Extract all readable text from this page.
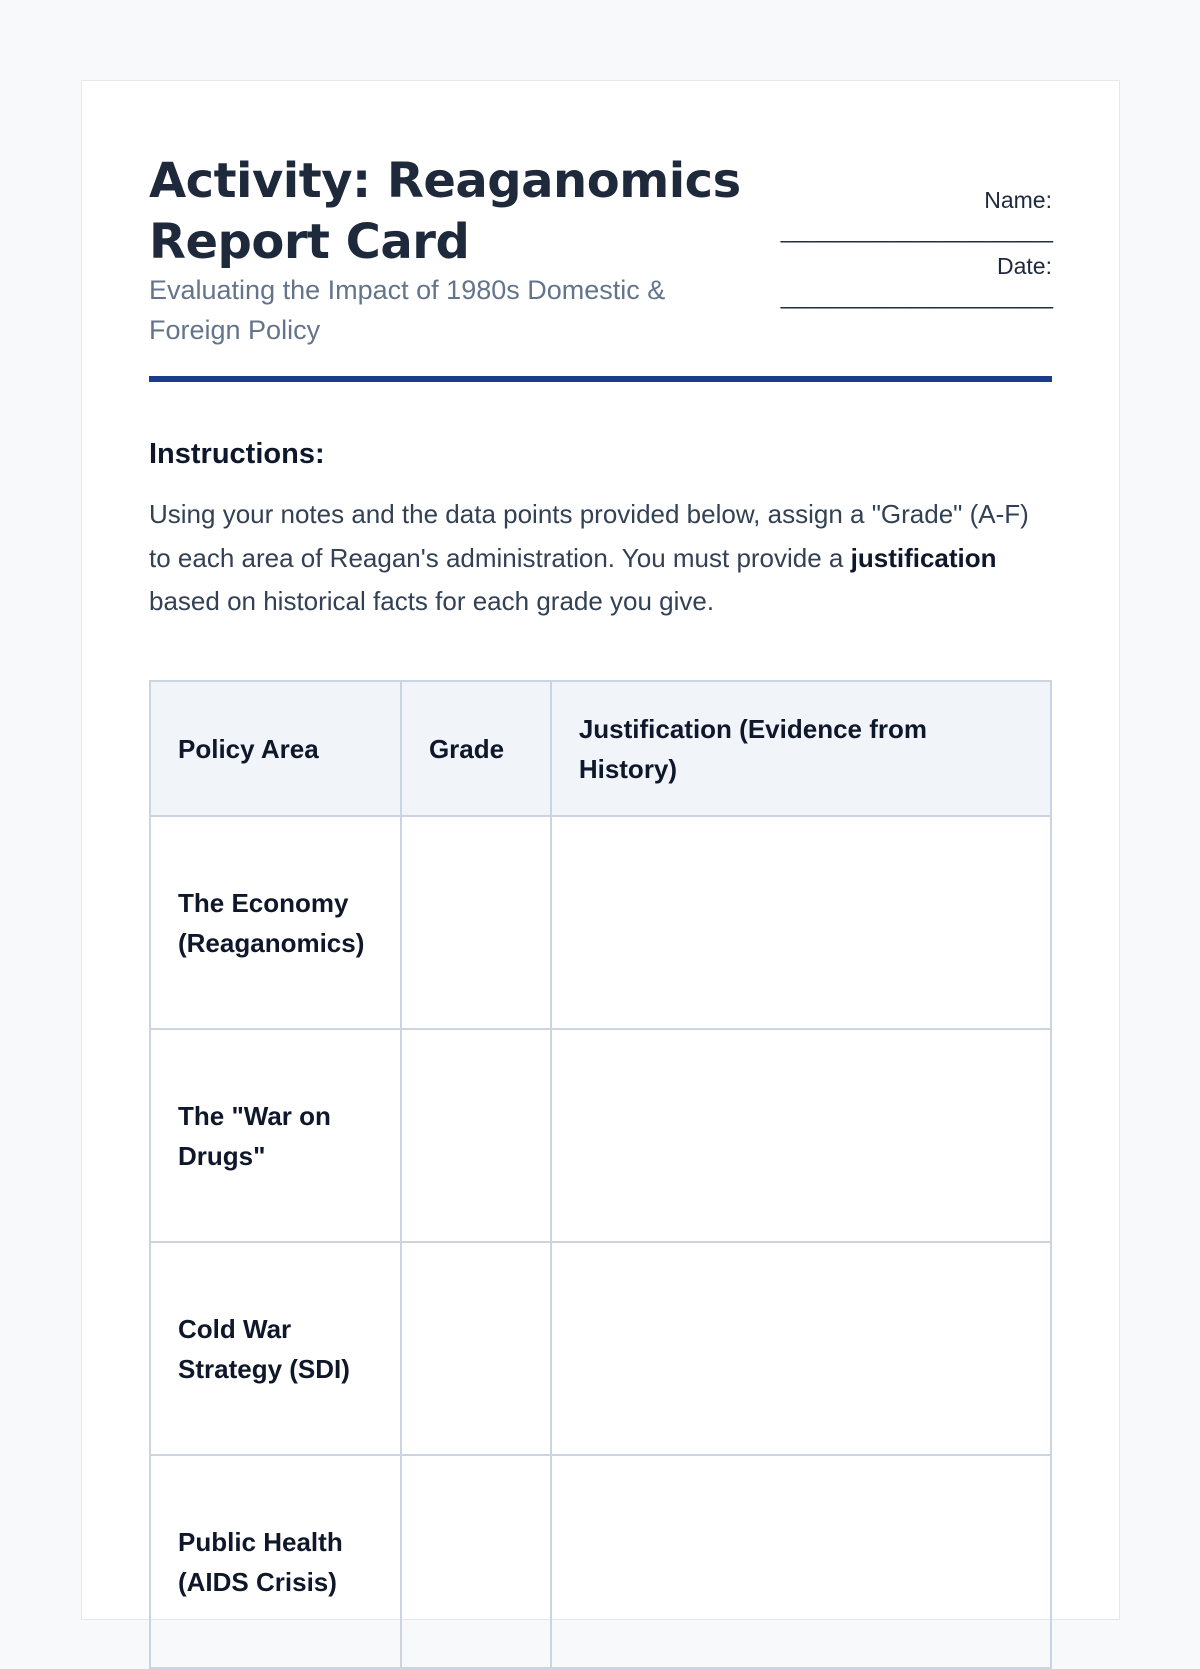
Activity: Reaganomics Report Card
Evaluating the Impact of 1980s Domestic & Foreign Policy
Name:
_______________________
Date:
_______________________
Instructions:

Using your notes and the data points provided below, assign a "Grade" (A-F) to each area of Reagan's administration. You must provide a justification based on historical facts for each grade you give.

Policy Area	Grade	Justification (Evidence from History)
The Economy (Reaganomics)		
The "War on Drugs"		
Cold War Strategy (SDI)		
Public Health (AIDS Crisis)		
